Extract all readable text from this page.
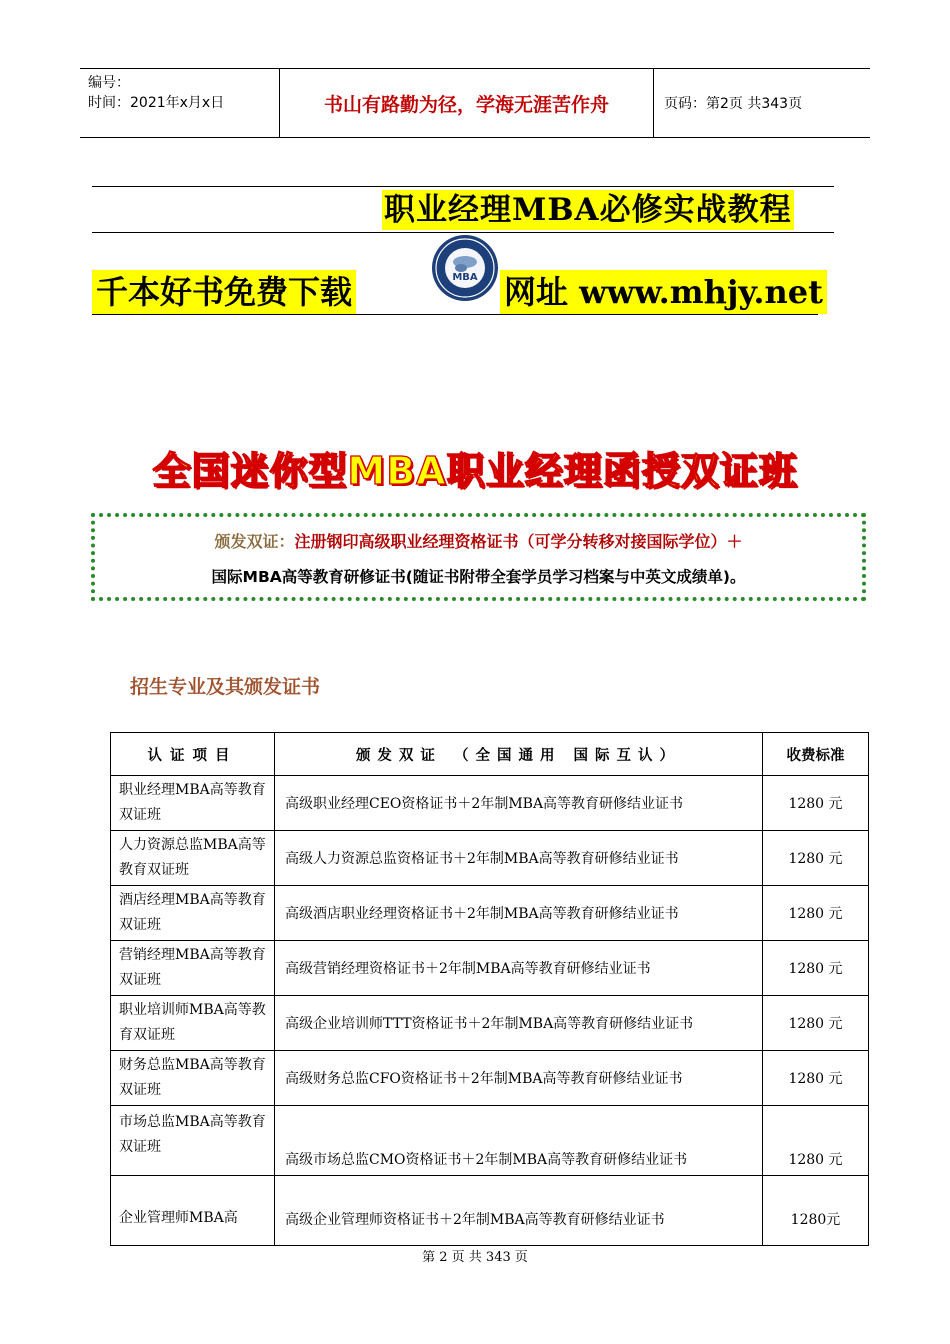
编号：
时间：2021年x月x日	书山有路勤为径，学海无涯苦作舟	页码：第2页 共343页
职业经理MBA必修实战教程
MBA
千本好书免费下载	网址 www.mhjy.net
全国迷你型MBA职业经理函授双证班
颁发双证：注册钢印高级职业经理资格证书（可学分转移对接国际学位）＋
国际MBA高等教育研修证书(随证书附带全套学员学习档案与中英文成绩单)。
招生专业及其颁发证书
认证项目	颁发双证 （全国通用 国际互认）	收费标准
职业经理MBA高等教育双证班	高级职业经理CEO资格证书＋2年制MBA高等教育研修结业证书	1280 元
人力资源总监MBA高等教育双证班	高级人力资源总监资格证书＋2年制MBA高等教育研修结业证书	1280 元
酒店经理MBA高等教育双证班	高级酒店职业经理资格证书＋2年制MBA高等教育研修结业证书	1280 元
营销经理MBA高等教育双证班	高级营销经理资格证书＋2年制MBA高等教育研修结业证书	1280 元
职业培训师MBA高等教育双证班	高级企业培训师TTT资格证书＋2年制MBA高等教育研修结业证书	1280 元
财务总监MBA高等教育双证班	高级财务总监CFO资格证书＋2年制MBA高等教育研修结业证书	1280 元
市场总监MBA高等教育双证班	高级市场总监CMO资格证书＋2年制MBA高等教育研修结业证书	1280 元
企业管理师MBA高	高级企业管理师资格证书＋2年制MBA高等教育研修结业证书	1280元
第 2 页 共 343 页
